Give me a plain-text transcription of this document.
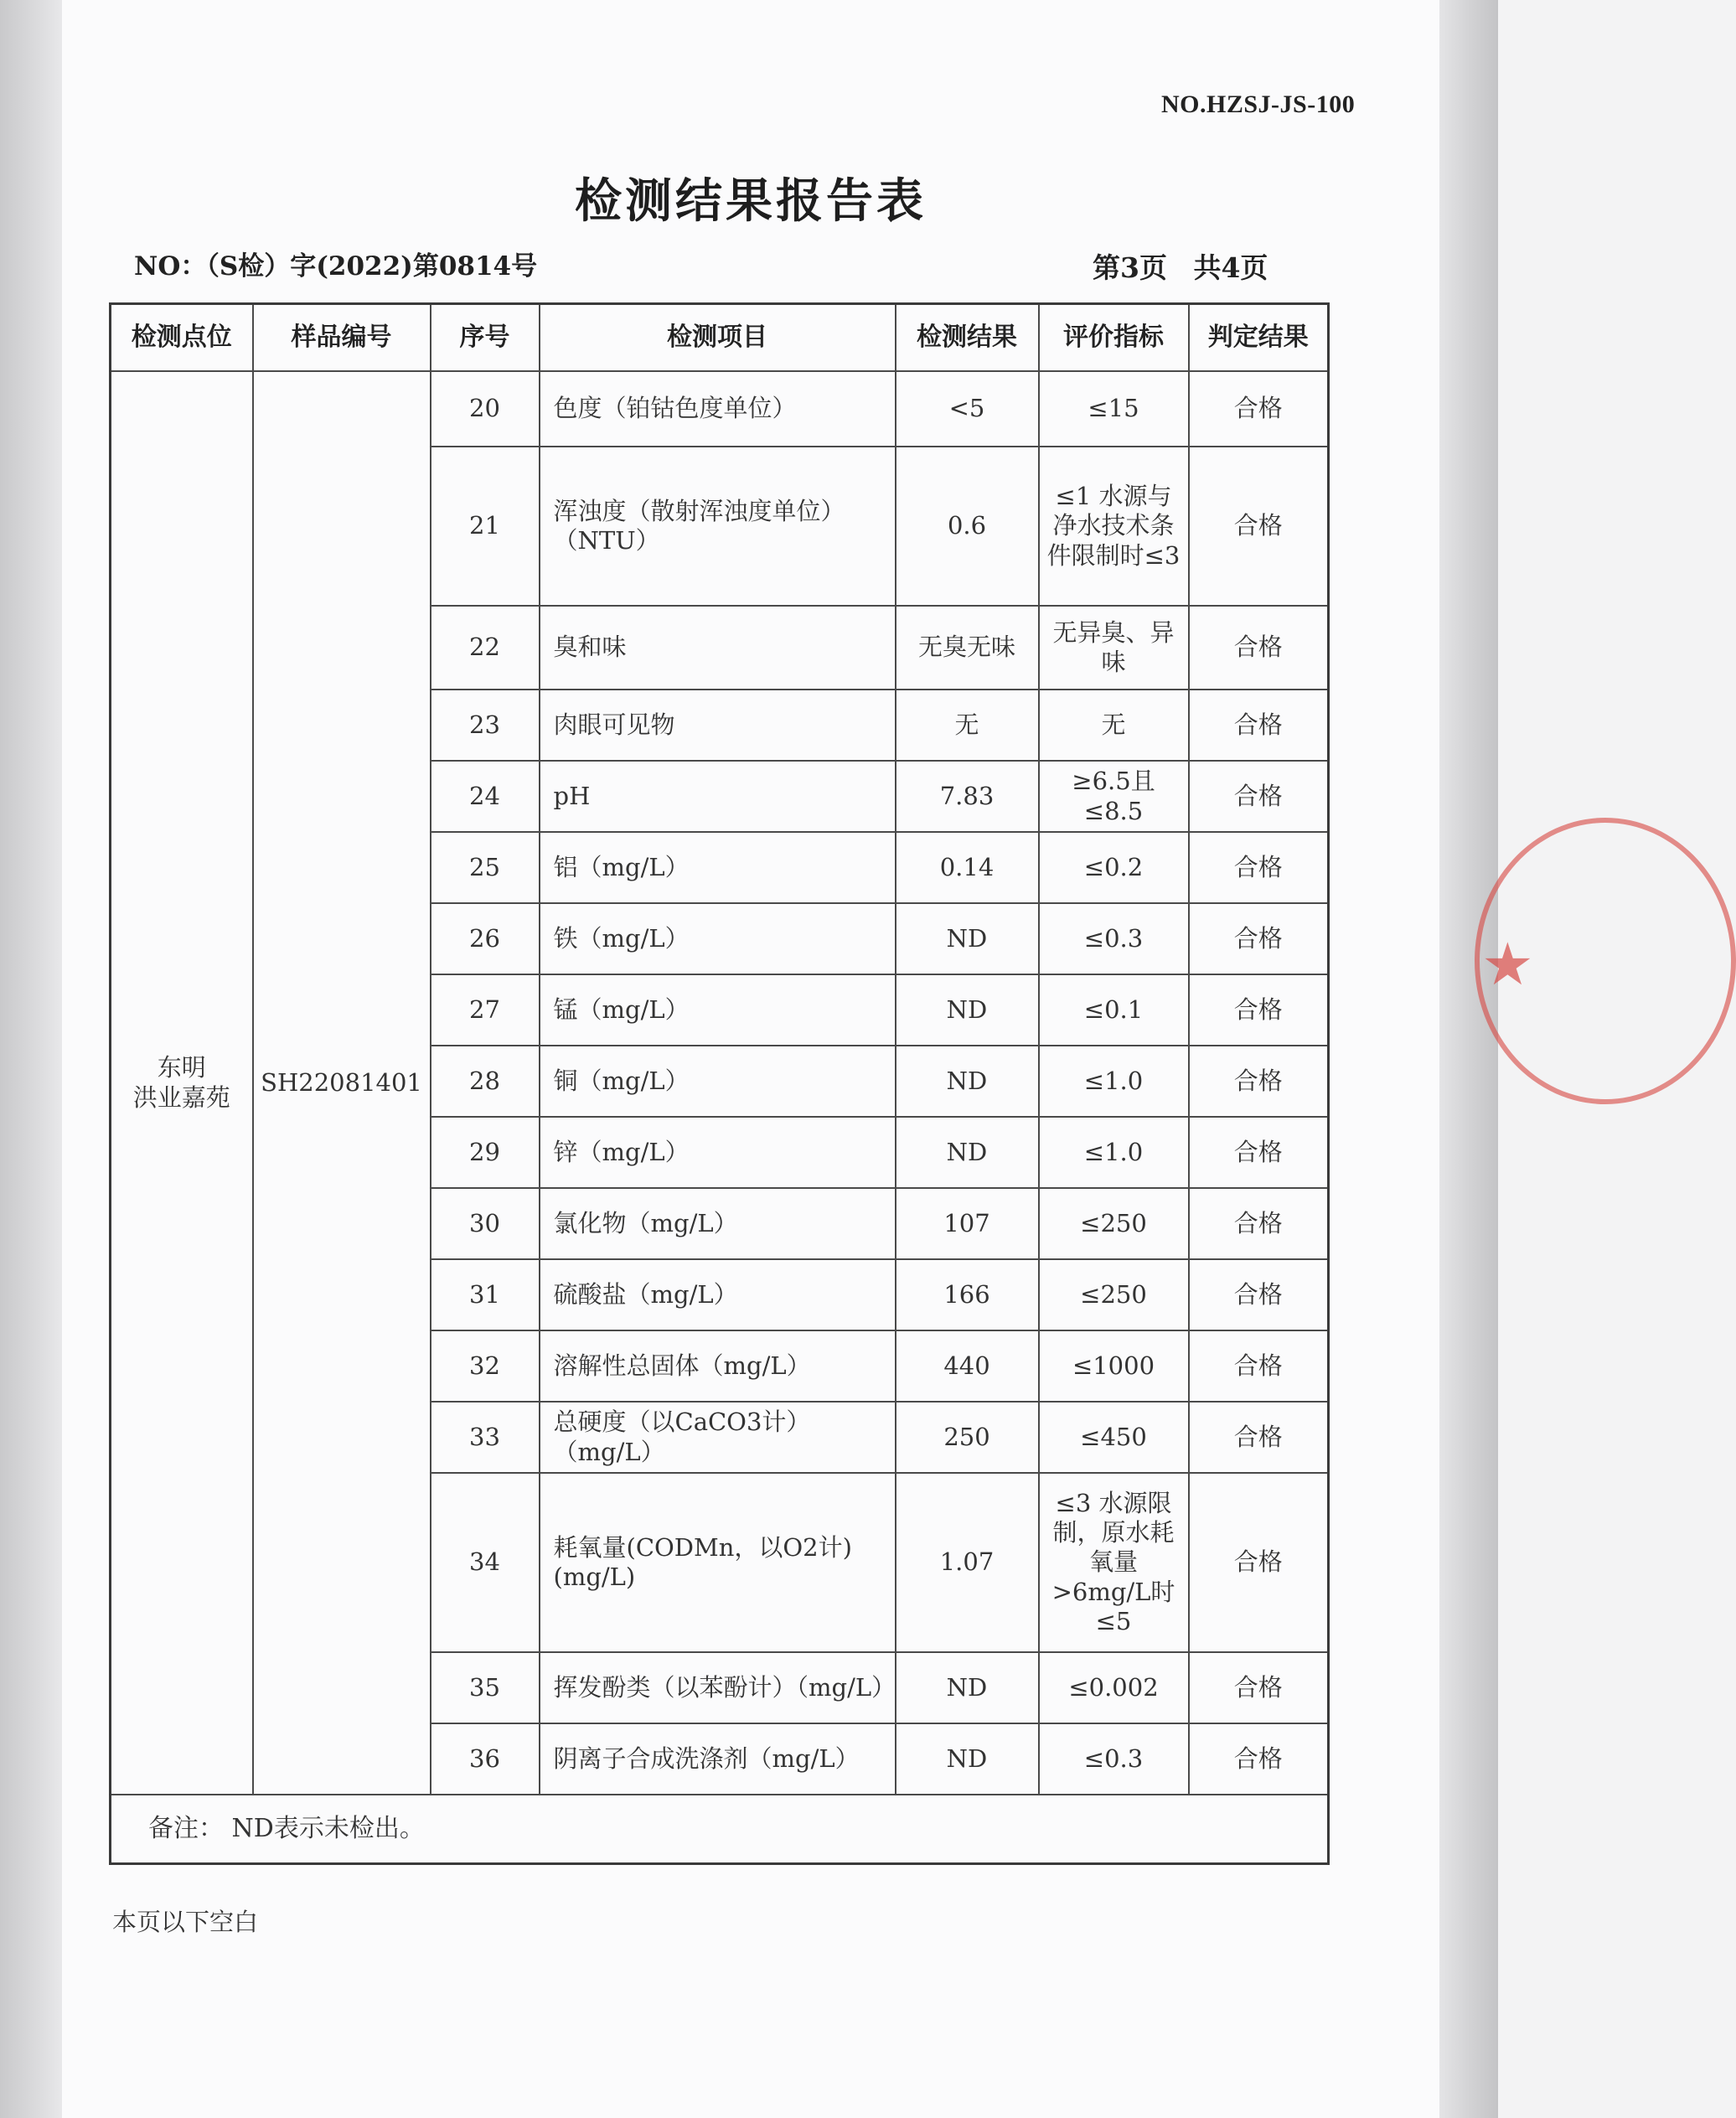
NO.HZSJ-JS-100
检测结果报告表
NO：（S检）字(2022)第0814号	第3页 共4页
检测点位	样品编号	序号	检测项目	检测结果	评价指标	判定结果

东明
洪业嘉苑	SH22081401	20	色度（铂钴色度单位）	<5	≤15	合格
		21	浑浊度（散射浑浊度单位）（NTU）	0.6	≤1 水源与净水技术条件限制时≤3	合格
		22	臭和味	无臭无味	无异臭、异味	合格
		23	肉眼可见物	无	无	合格
		24	pH	7.83	≥6.5且≤8.5	合格
		25	铝（mg/L）	0.14	≤0.2	合格
		26	铁（mg/L）	ND	≤0.3	合格
		27	锰（mg/L）	ND	≤0.1	合格
		28	铜（mg/L）	ND	≤1.0	合格
		29	锌（mg/L）	ND	≤1.0	合格
		30	氯化物（mg/L）	107	≤250	合格
		31	硫酸盐（mg/L）	166	≤250	合格
		32	溶解性总固体（mg/L）	440	≤1000	合格
		33	总硬度（以CaCO3计）（mg/L）	250	≤450	合格
		34	耗氧量(CODMn，以O2计)(mg/L)	1.07	≤3 水源限制，原水耗氧量>6mg/L时≤5	合格
		35	挥发酚类（以苯酚计）（mg/L）	ND	≤0.002	合格
		36	阴离子合成洗涤剂（mg/L）	ND	≤0.3	合格
备注： ND表示未检出。						
本页以下空白
★
